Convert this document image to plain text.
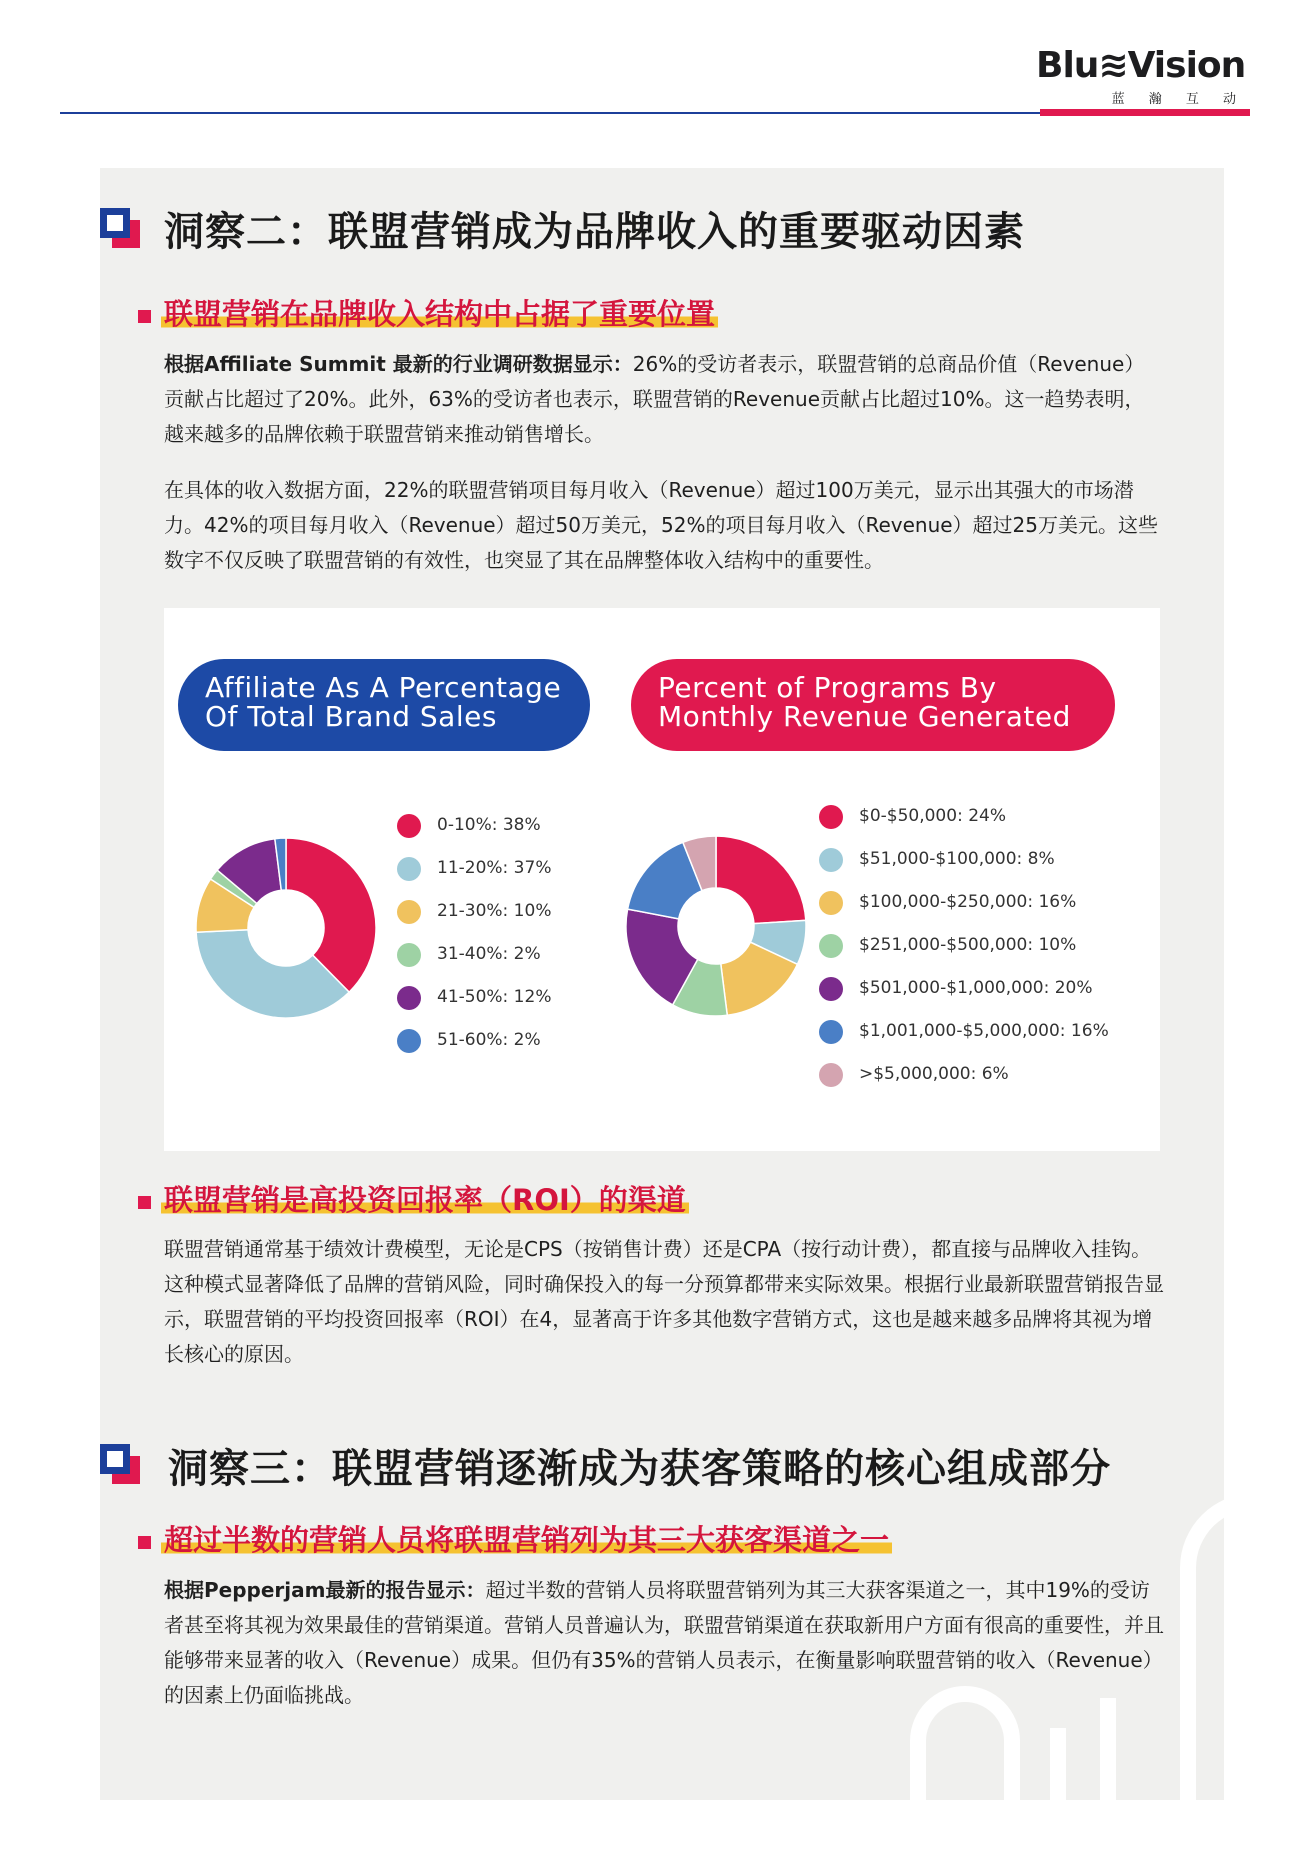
Blu≋Vision
蓝 瀚 互 动
洞察二：联盟营销成为品牌收入的重要驱动因素
联盟营销在品牌收入结构中占据了重要位置
根据Affiliate Summit 最新的行业调研数据显示：26%的受访者表示，联盟营销的总商品价值（Revenue）贡献占比超过了20%。此外，63%的受访者也表示，联盟营销的Revenue贡献占比超过10%。这一趋势表明，越来越多的品牌依赖于联盟营销来推动销售增长。
在具体的收入数据方面，22%的联盟营销项目每月收入（Revenue）超过100万美元，显示出其强大的市场潜力。42%的项目每月收入（Revenue）超过50万美元，52%的项目每月收入（Revenue）超过25万美元。这些数字不仅反映了联盟营销的有效性，也突显了其在品牌整体收入结构中的重要性。
Affiliate As A Percentage
Of Total Brand Sales
Percent of Programs By
Monthly Revenue Generated
0-10%: 38%
11-20%: 37%
21-30%: 10%
31-40%: 2%
41-50%: 12%
51-60%: 2%
$0-$50,000: 24%
$51,000-$100,000: 8%
$100,000-$250,000: 16%
$251,000-$500,000: 10%
$501,000-$1,000,000: 20%
$1,001,000-$5,000,000: 16%
>$5,000,000: 6%
联盟营销是高投资回报率（ROI）的渠道
联盟营销通常基于绩效计费模型，无论是CPS（按销售计费）还是CPA（按行动计费），都直接与品牌收入挂钩。这种模式显著降低了品牌的营销风险，同时确保投入的每一分预算都带来实际效果。根据行业最新联盟营销报告显示，联盟营销的平均投资回报率（ROI）在4，显著高于许多其他数字营销方式，这也是越来越多品牌将其视为增长核心的原因。
洞察三：联盟营销逐渐成为获客策略的核心组成部分
超过半数的营销人员将联盟营销列为其三大获客渠道之一
根据Pepperjam最新的报告显示：超过半数的营销人员将联盟营销列为其三大获客渠道之一，其中19%的受访者甚至将其视为效果最佳的营销渠道。营销人员普遍认为，联盟营销渠道在获取新用户方面有很高的重要性，并且能够带来显著的收入（Revenue）成果。但仍有35%的营销人员表示，在衡量影响联盟营销的收入（Revenue）的因素上仍面临挑战。
